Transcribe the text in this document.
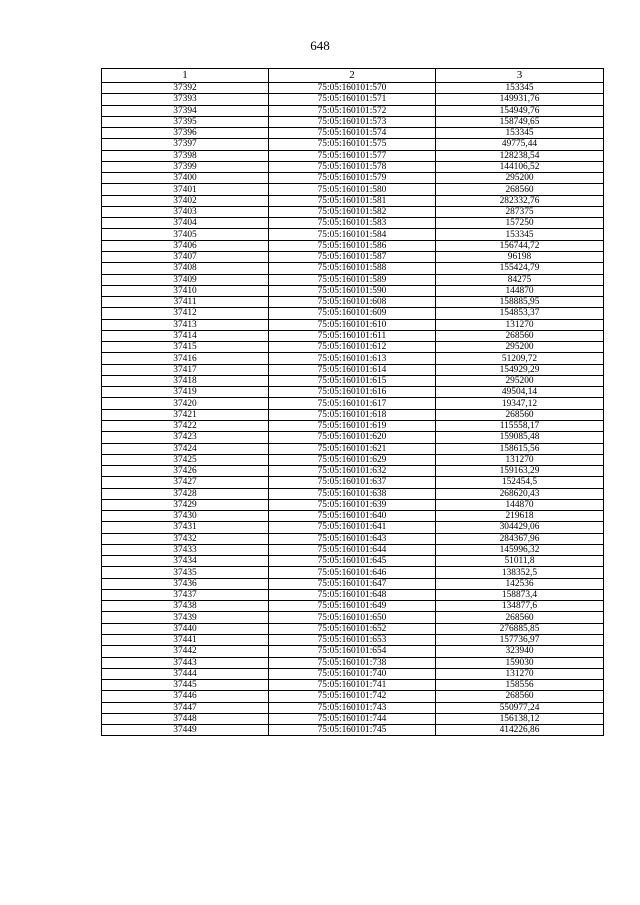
648
1	2	3
37392	75:05:160101:570	153345
37393	75:05:160101:571	149931,76
37394	75:05:160101:572	154949,76
37395	75:05:160101:573	158749,65
37396	75:05:160101:574	153345
37397	75:05:160101:575	49775,44
37398	75:05:160101:577	128238,54
37399	75:05:160101:578	144106,52
37400	75:05:160101:579	295200
37401	75:05:160101:580	268560
37402	75:05:160101:581	282332,76
37403	75:05:160101:582	287375
37404	75:05:160101:583	157250
37405	75:05:160101:584	153345
37406	75:05:160101:586	156744,72
37407	75:05:160101:587	96198
37408	75:05:160101:588	155424,79
37409	75:05:160101:589	84275
37410	75:05:160101:590	144870
37411	75:05:160101:608	158885,95
37412	75:05:160101:609	154853,37
37413	75:05:160101:610	131270
37414	75:05:160101:611	268560
37415	75:05:160101:612	295200
37416	75:05:160101:613	51209,72
37417	75:05:160101:614	154929,29
37418	75:05:160101:615	295200
37419	75:05:160101:616	49504,14
37420	75:05:160101:617	19347,12
37421	75:05:160101:618	268560
37422	75:05:160101:619	115558,17
37423	75:05:160101:620	159085,48
37424	75:05:160101:621	158615,56
37425	75:05:160101:629	131270
37426	75:05:160101:632	159163,29
37427	75:05:160101:637	152454,5
37428	75:05:160101:638	268620,43
37429	75:05:160101:639	144870
37430	75:05:160101:640	219618
37431	75:05:160101:641	304429,06
37432	75:05:160101:643	284367,96
37433	75:05:160101:644	145996,32
37434	75:05:160101:645	51011,8
37435	75:05:160101:646	138352,5
37436	75:05:160101:647	142536
37437	75:05:160101:648	158873,4
37438	75:05:160101:649	134877,6
37439	75:05:160101:650	268560
37440	75:05:160101:652	276885,85
37441	75:05:160101:653	157736,97
37442	75:05:160101:654	323940
37443	75:05:160101:738	159030
37444	75:05:160101:740	131270
37445	75:05:160101:741	158556
37446	75:05:160101:742	268560
37447	75:05:160101:743	550977,24
37448	75:05:160101:744	156138,12
37449	75:05:160101:745	414226,86
